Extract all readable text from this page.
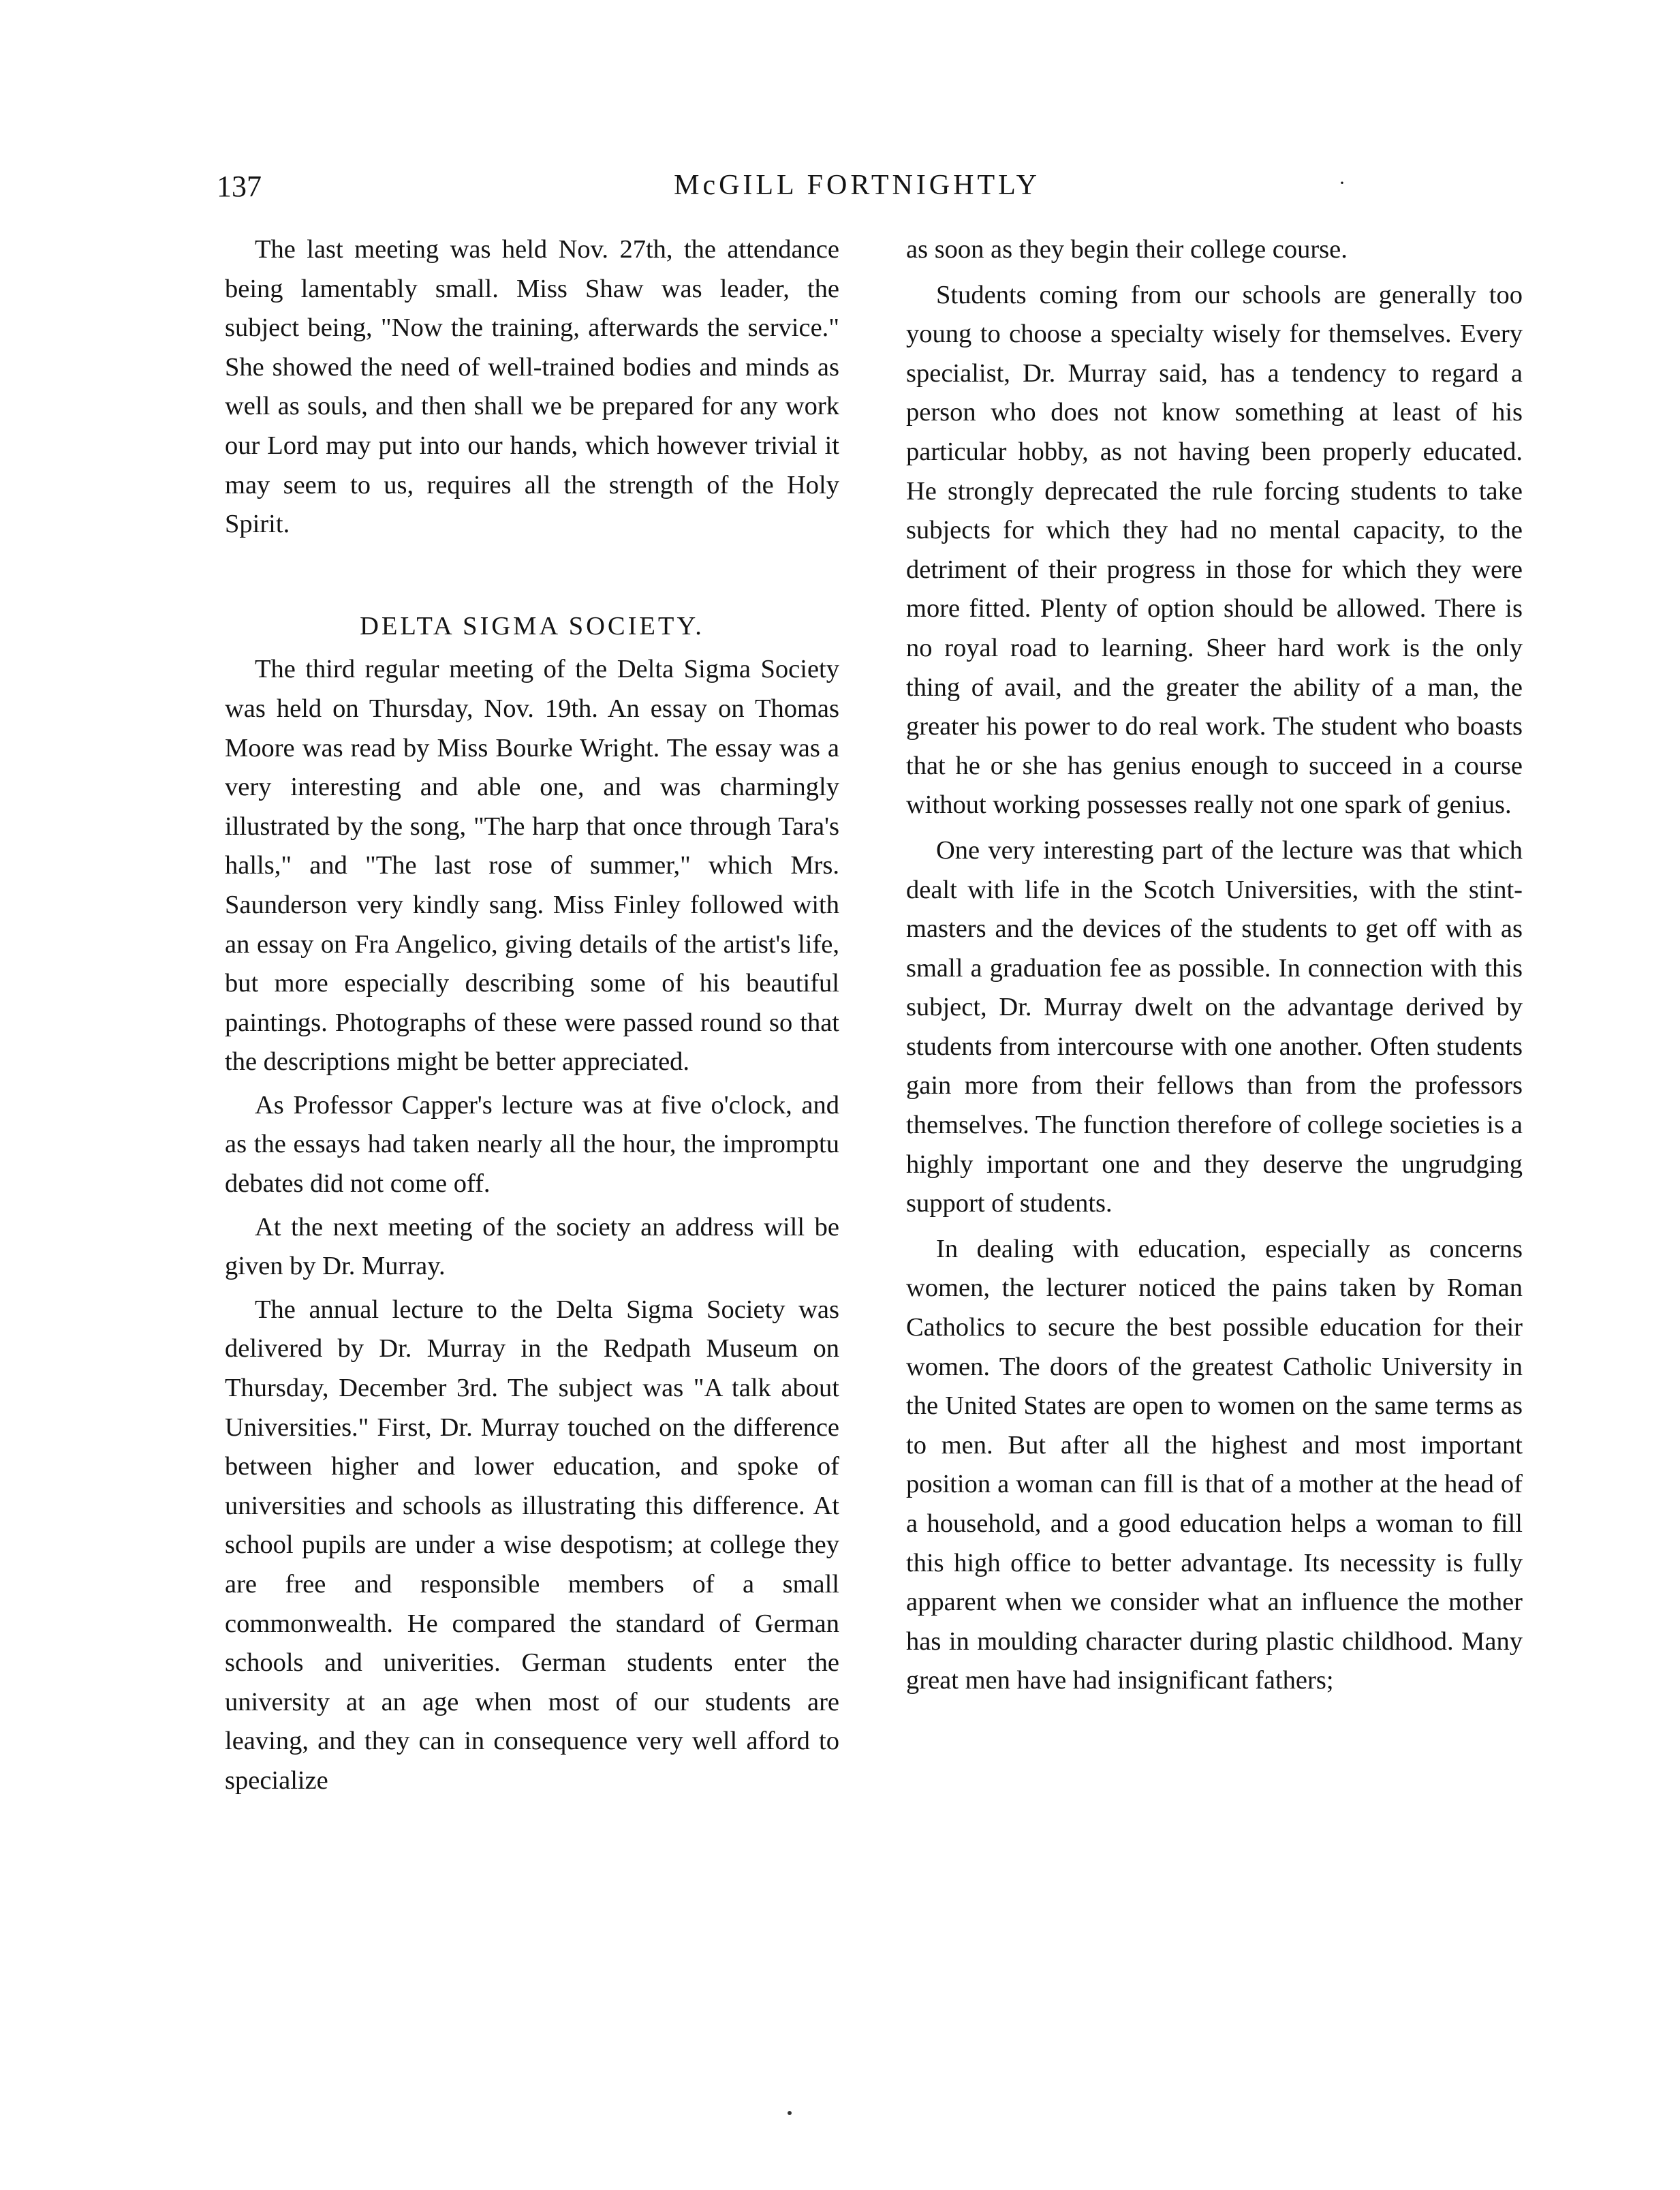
137	McGILL FORTNIGHTLY	·

The last meeting was held Nov. 27th, the attendance being lamentably small. Miss Shaw was leader, the subject being, "Now the training, afterwards the service." She showed the need of well-trained bodies and minds as well as souls, and then shall we be prepared for any work our Lord may put into our hands, which however trivial it may seem to us, requires all the strength of the Holy Spirit.

DELTA SIGMA SOCIETY.

The third regular meeting of the Delta Sigma Society was held on Thursday, Nov. 19th. An essay on Thomas Moore was read by Miss Bourke Wright. The essay was a very interesting and able one, and was charmingly illustrated by the song, "The harp that once through Tara's halls," and "The last rose of summer," which Mrs. Saunderson very kindly sang. Miss Finley followed with an essay on Fra Angelico, giving details of the artist's life, but more especially describing some of his beautiful paintings. Photographs of these were passed round so that the descriptions might be better appreciated.

As Professor Capper's lecture was at five o'clock, and as the essays had taken nearly all the hour, the impromptu debates did not come off.

At the next meeting of the society an address will be given by Dr. Murray.

The annual lecture to the Delta Sigma Society was delivered by Dr. Murray in the Redpath Museum on Thursday, December 3rd. The subject was "A talk about Universities." First, Dr. Murray touched on the difference between higher and lower education, and spoke of universities and schools as illustrating this difference. At school pupils are under a wise despotism; at college they are free and responsible members of a small commonwealth. He compared the standard of German schools and univerities. German students enter the university at an age when most of our students are leaving, and they can in consequence very well afford to specialize

as soon as they begin their college course.

Students coming from our schools are generally too young to choose a specialty wisely for themselves. Every specialist, Dr. Murray said, has a tendency to regard a person who does not know something at least of his particular hobby, as not having been properly educated. He strongly deprecated the rule forcing students to take subjects for which they had no mental capacity, to the detriment of their progress in those for which they were more fitted. Plenty of option should be allowed. There is no royal road to learning. Sheer hard work is the only thing of avail, and the greater the ability of a man, the greater his power to do real work. The student who boasts that he or she has genius enough to succeed in a course without working possesses really not one spark of genius.

One very interesting part of the lecture was that which dealt with life in the Scotch Universities, with the stint-masters and the devices of the students to get off with as small a graduation fee as possible. In connection with this subject, Dr. Murray dwelt on the advantage derived by students from intercourse with one another. Often students gain more from their fellows than from the professors themselves. The function therefore of college societies is a highly important one and they deserve the ungrudging support of students.

In dealing with education, especially as concerns women, the lecturer noticed the pains taken by Roman Catholics to secure the best possible education for their women. The doors of the greatest Catholic University in the United States are open to women on the same terms as to men. But after all the highest and most important position a woman can fill is that of a mother at the head of a household, and a good education helps a woman to fill this high office to better advantage. Its necessity is fully apparent when we consider what an influence the mother has in moulding character during plastic childhood. Many great men have had insignificant fathers;
